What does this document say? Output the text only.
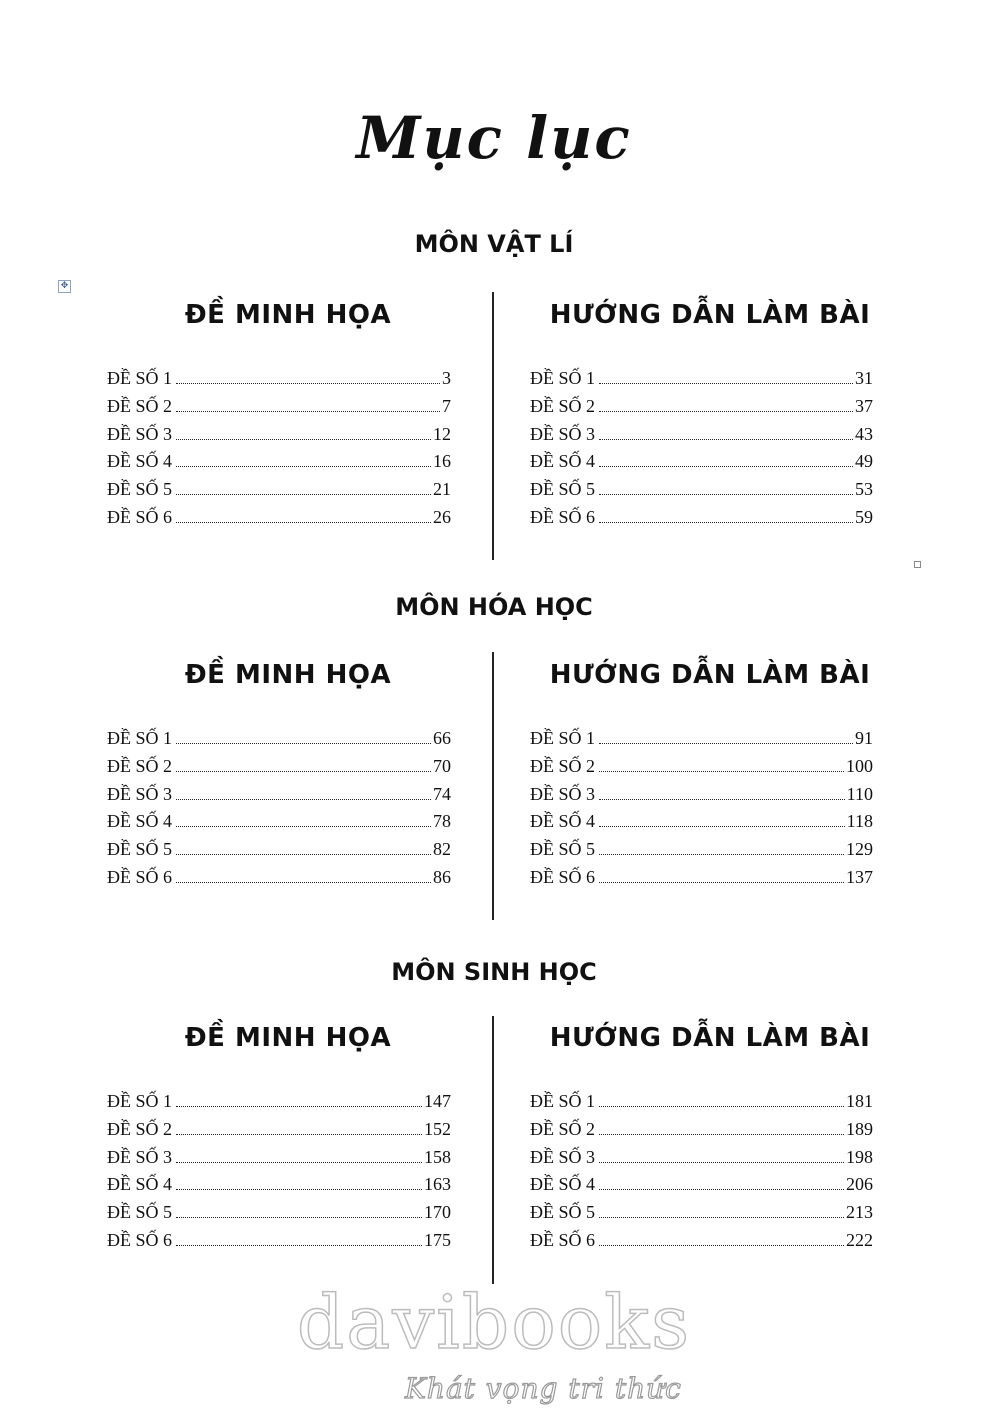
Mục lục
✥
MÔN VẬT LÍ
ĐỀ MINH HỌA	HƯỚNG DẪN LÀM BÀI
ĐỀ SỐ 1	3
ĐỀ SỐ 2	7
ĐỀ SỐ 3	12
ĐỀ SỐ 4	16
ĐỀ SỐ 5	21
ĐỀ SỐ 6	26
ĐỀ SỐ 1	31
ĐỀ SỐ 2	37
ĐỀ SỐ 3	43
ĐỀ SỐ 4	49
ĐỀ SỐ 5	53
ĐỀ SỐ 6	59
MÔN HÓA HỌC
ĐỀ MINH HỌA	HƯỚNG DẪN LÀM BÀI
ĐỀ SỐ 1	66
ĐỀ SỐ 2	70
ĐỀ SỐ 3	74
ĐỀ SỐ 4	78
ĐỀ SỐ 5	82
ĐỀ SỐ 6	86
ĐỀ SỐ 1	91
ĐỀ SỐ 2	100
ĐỀ SỐ 3	110
ĐỀ SỐ 4	118
ĐỀ SỐ 5	129
ĐỀ SỐ 6	137
MÔN SINH HỌC
ĐỀ MINH HỌA	HƯỚNG DẪN LÀM BÀI
ĐỀ SỐ 1	147
ĐỀ SỐ 2	152
ĐỀ SỐ 3	158
ĐỀ SỐ 4	163
ĐỀ SỐ 5	170
ĐỀ SỐ 6	175
ĐỀ SỐ 1	181
ĐỀ SỐ 2	189
ĐỀ SỐ 3	198
ĐỀ SỐ 4	206
ĐỀ SỐ 5	213
ĐỀ SỐ 6	222
davibooks
Khát vọng tri thức
